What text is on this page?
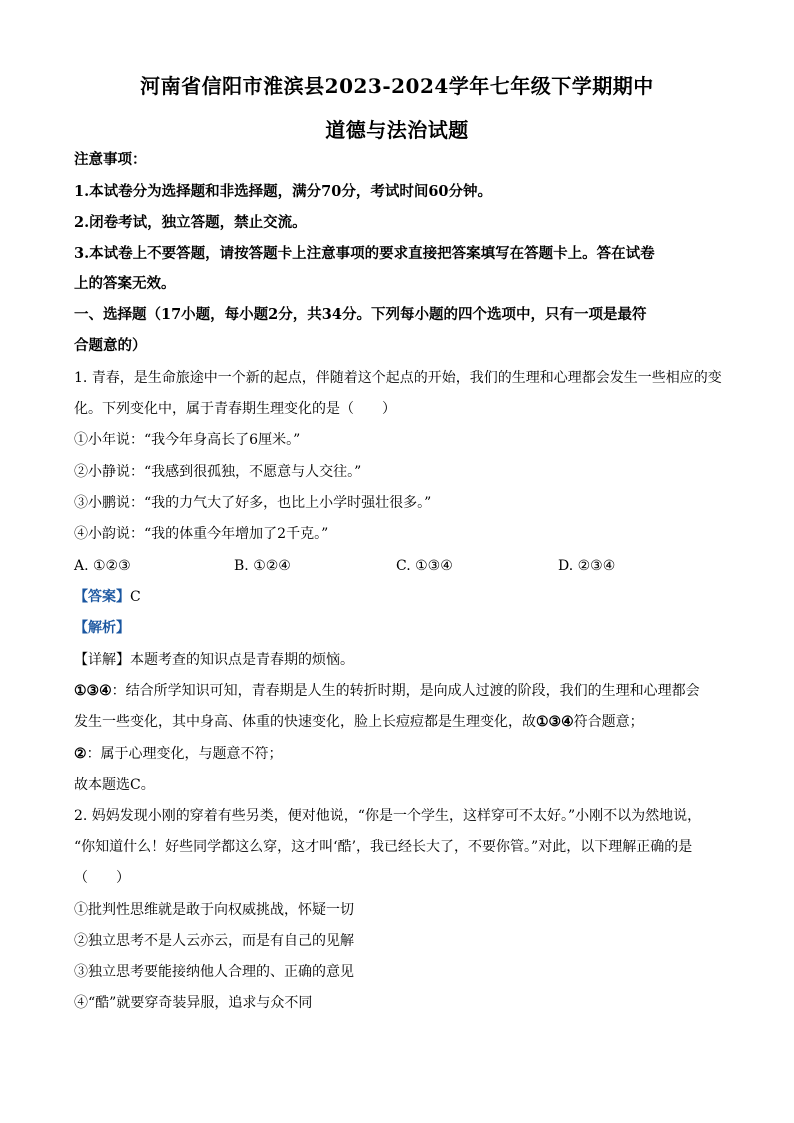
河南省信阳市淮滨县2023-2024学年七年级下学期期中
道德与法治试题
注意事项：
1.本试卷分为选择题和非选择题，满分70分，考试时间60分钟。
2.闭卷考试，独立答题，禁止交流。
3.本试卷上不要答题，请按答题卡上注意事项的要求直接把答案填写在答题卡上。答在试卷
上的答案无效。
一、选择题（17小题，每小题2分，共34分。下列每小题的四个选项中，只有一项是最符
合题意的）
1. 青春，是生命旅途中一个新的起点，伴随着这个起点的开始，我们的生理和心理都会发生一些相应的变
化。下列变化中，属于青春期生理变化的是（　　）
①小年说：“我今年身高长了6厘米。”
②小静说：“我感到很孤独，不愿意与人交往。”
③小鹏说：“我的力气大了好多，也比上小学时强壮很多。”
④小韵说：“我的体重今年增加了2千克。”
A. ①②③	B. ①②④	C. ①③④	D. ②③④
【答案】C
【解析】
【详解】本题考查的知识点是青春期的烦恼。
①③④：结合所学知识可知，青春期是人生的转折时期，是向成人过渡的阶段，我们的生理和心理都会
发生一些变化，其中身高、体重的快速变化，脸上长痘痘都是生理变化，故①③④符合题意；
②：属于心理变化，与题意不符；
故本题选C。
2. 妈妈发现小刚的穿着有些另类，便对他说，“你是一个学生，这样穿可不太好。”小刚不以为然地说，
“你知道什么！好些同学都这么穿，这才叫‘酷’，我已经长大了，不要你管。”对此，以下理解正确的是
（　　）
①批判性思维就是敢于向权威挑战，怀疑一切
②独立思考不是人云亦云，而是有自己的见解
③独立思考要能接纳他人合理的、正确的意见
④“酷”就要穿奇装异服，追求与众不同
